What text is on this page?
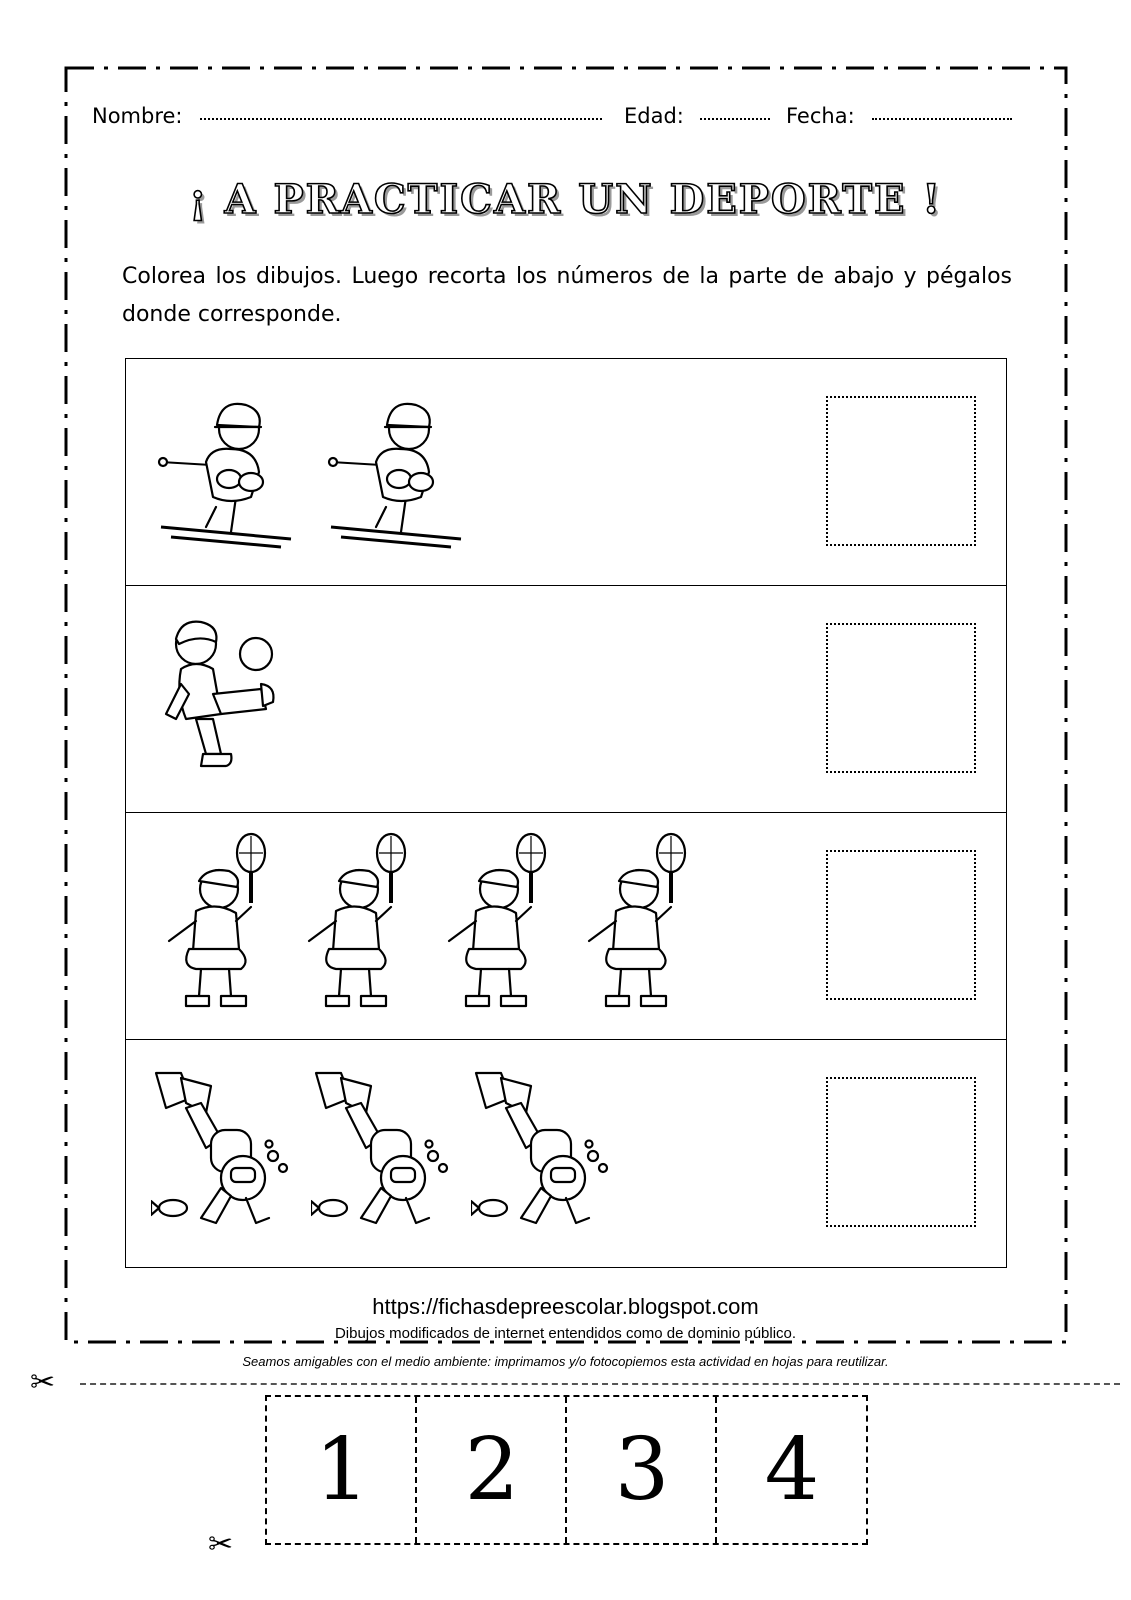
Nombre:	Edad:	Fecha:
¡ A PRACTICAR UN DEPORTE !
Colorea los dibujos. Luego recorta los números de la parte de abajo y pégalos donde corresponde.
https://fichasdepreescolar.blogspot.com
Dibujos modificados de internet entendidos como de dominio público.
Seamos amigables con el medio ambiente: imprimamos y/o fotocopiemos esta actividad en hojas para reutilizar.
✂
1	2	3	4
✂
